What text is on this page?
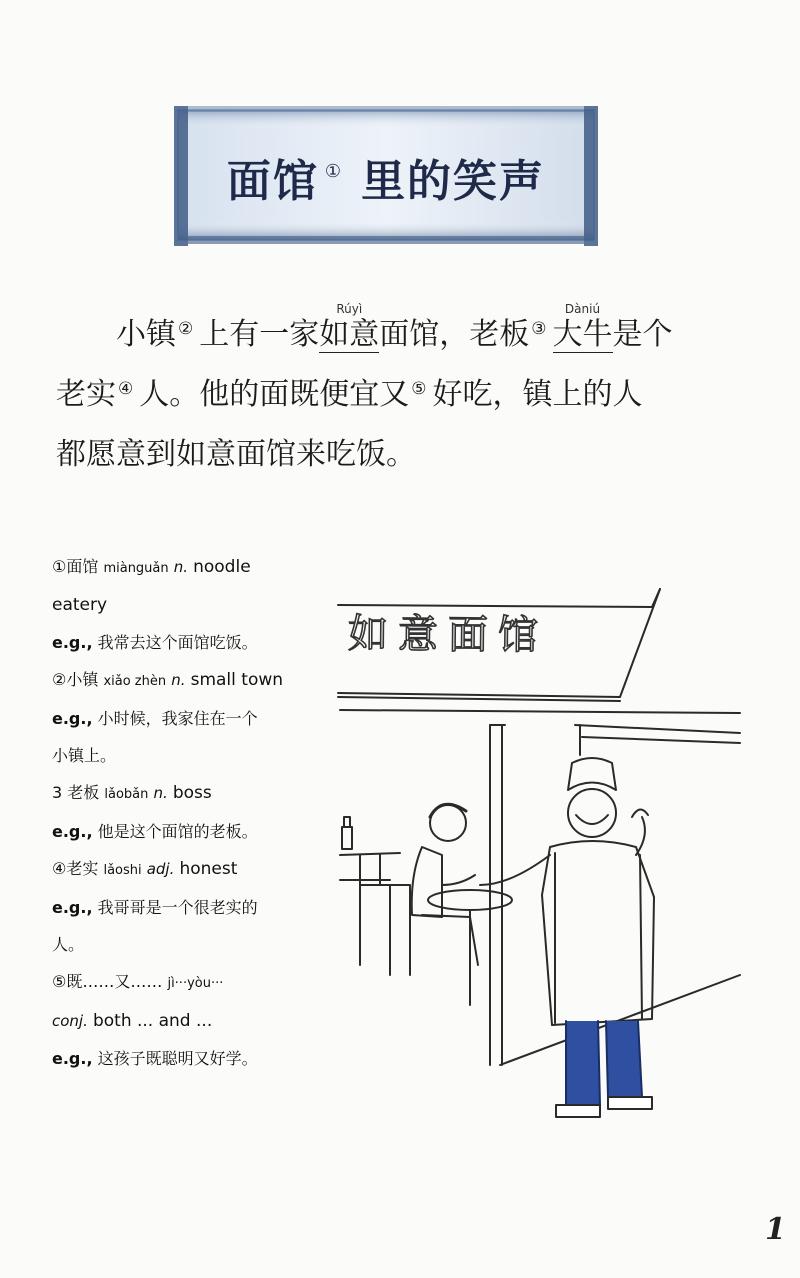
面馆 ① 里的笑声
小镇 ② 上有一家
Rúyì
如意面馆，老板 ③
Dàniú
大牛是个
老实 ④ 人。他的面既便宜又 ⑤ 好吃，镇上的人
都愿意到如意面馆来吃饭。
①面馆 miànguǎn n. noodle
eatery
e.g., 我常去这个面馆吃饭。
②小镇 xiǎo zhèn n. small town
e.g., 小时候，我家住在一个
小镇上。
3 老板 lǎobǎn n. boss
e.g., 他是这个面馆的老板。
④老实 lǎoshi adj. honest
e.g., 我哥哥是一个很老实的
人。
⑤既……又…… jì···yòu···
conj. both ... and ...
e.g., 这孩子既聪明又好学。
如意面馆
1
